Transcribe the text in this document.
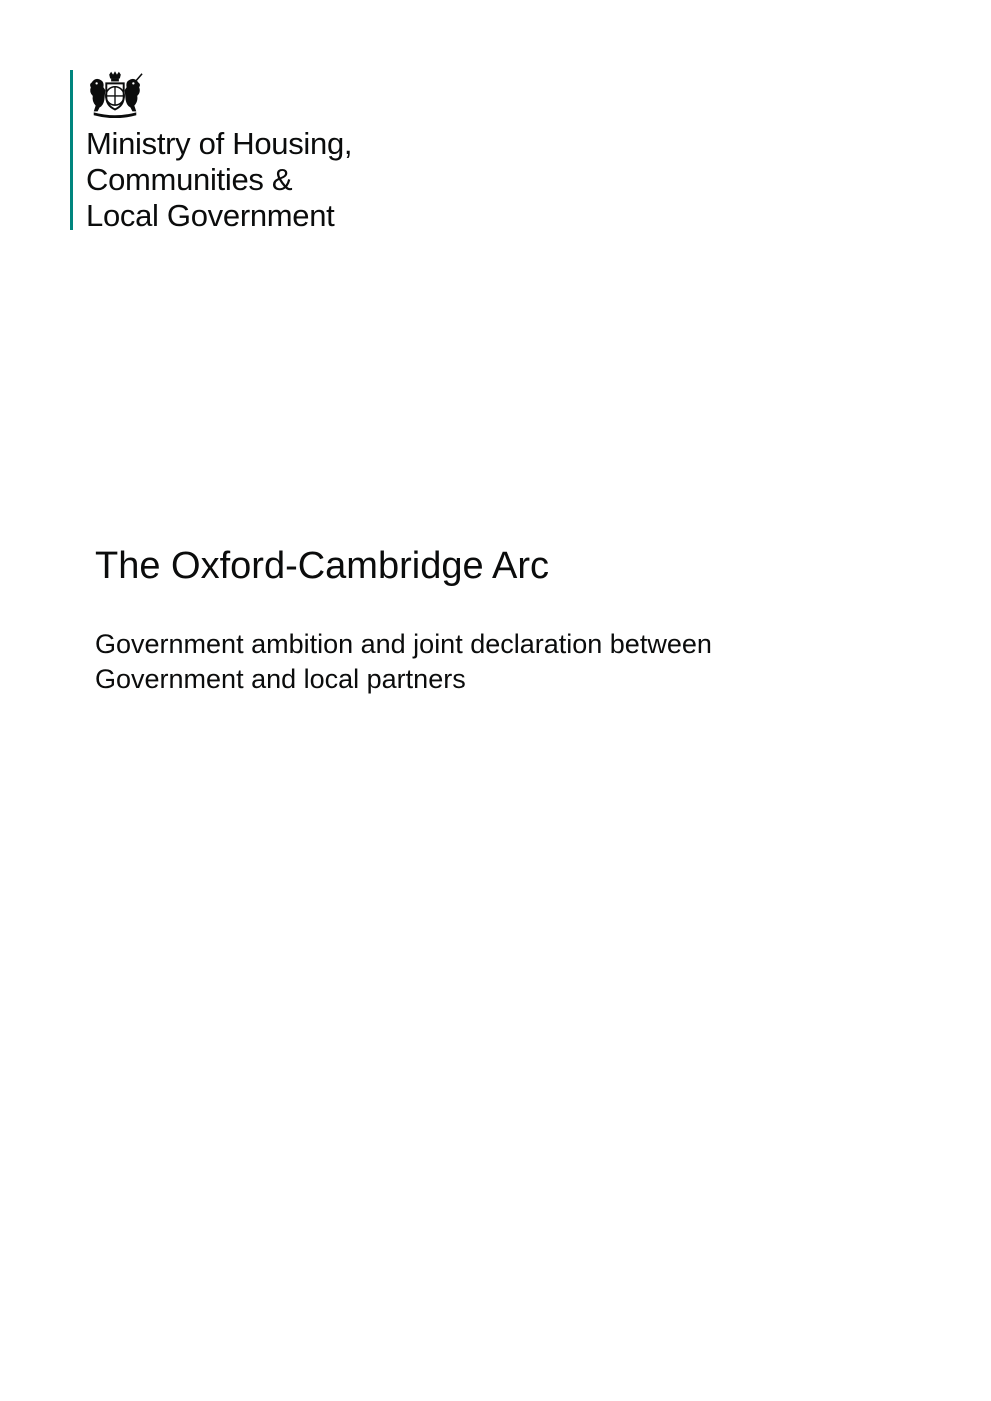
Ministry of Housing,
Communities &
Local Government
The Oxford-Cambridge Arc

Government ambition and joint declaration between
Government and local partners
